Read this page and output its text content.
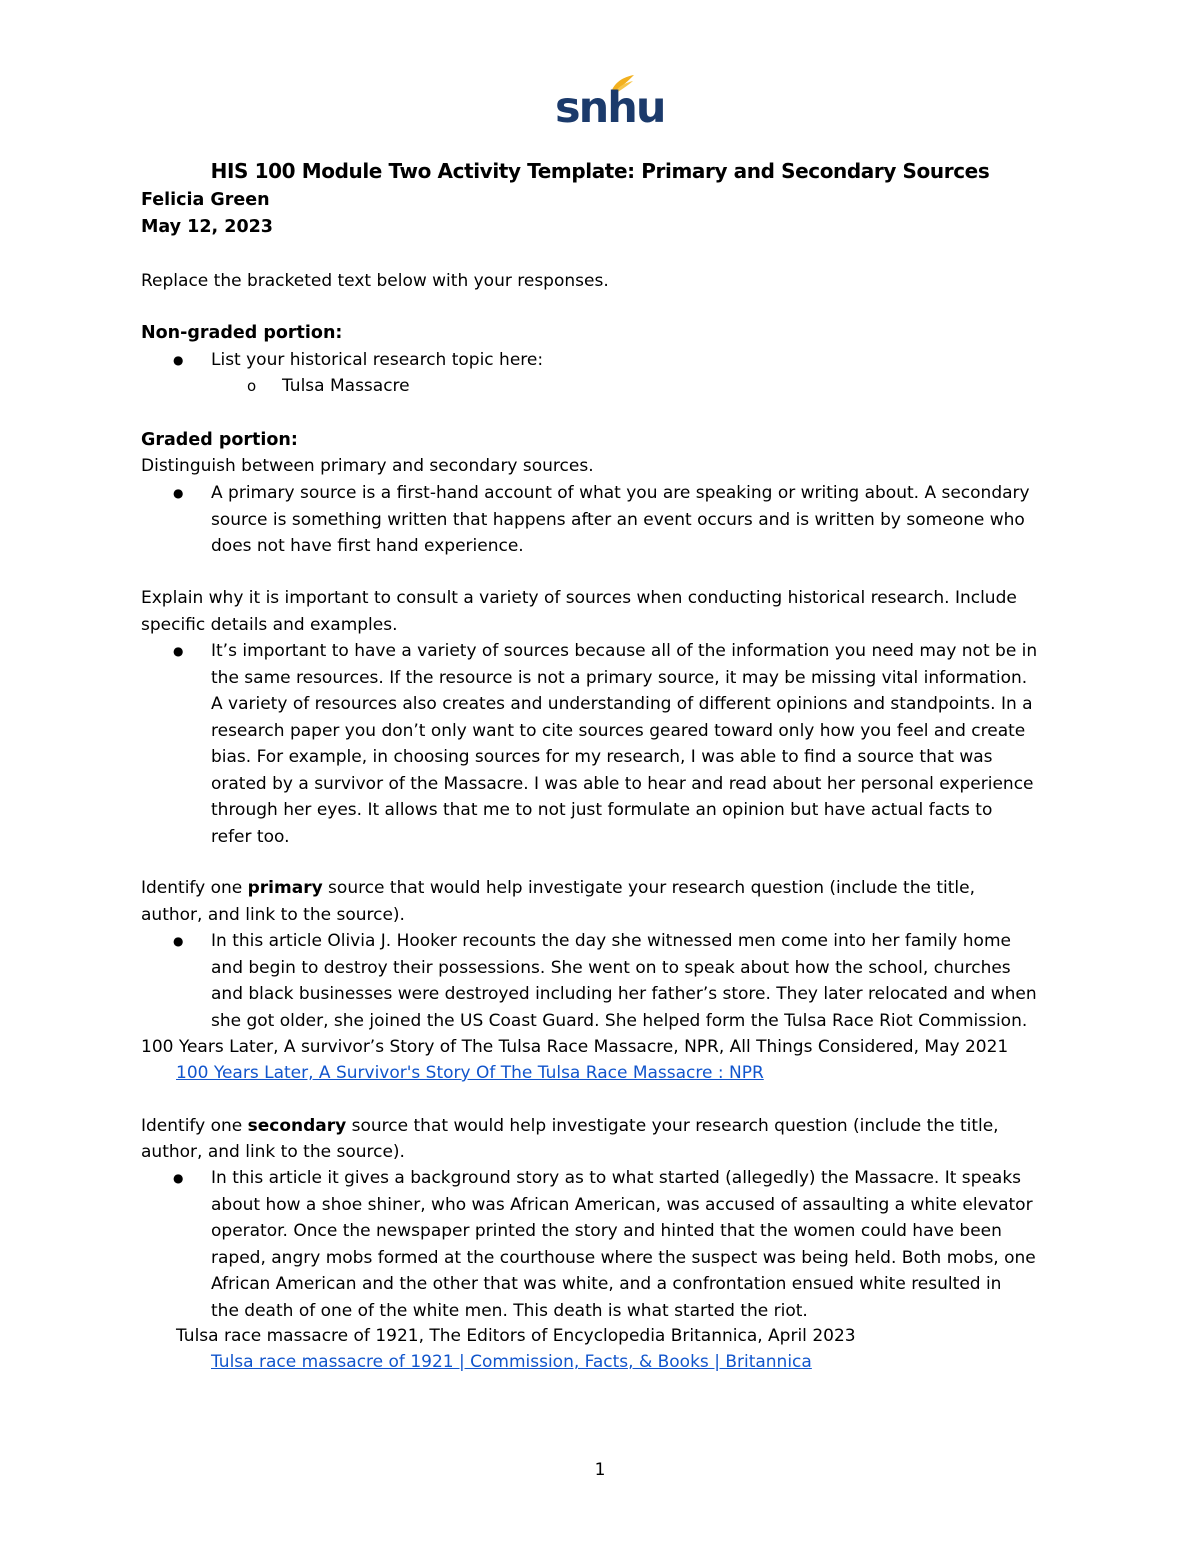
snhu
HIS 100 Module Two Activity Template: Primary and Secondary Sources
Felicia Green
May 12, 2023
Replace the bracketed text below with your responses.
Non-graded portion:
● List your historical research topic here:
o Tulsa Massacre
Graded portion:
Distinguish between primary and secondary sources.
● A primary source is a first-hand account of what you are speaking or writing about. A secondary

source is something written that happens after an event occurs and is written by someone who

does not have first hand experience.

Explain why it is important to consult a variety of sources when conducting historical research. Include

specific details and examples.

● It’s important to have a variety of sources because all of the information you need may not be in

the same resources. If the resource is not a primary source, it may be missing vital information.

A variety of resources also creates and understanding of different opinions and standpoints. In a

research paper you don’t only want to cite sources geared toward only how you feel and create

bias. For example, in choosing sources for my research, I was able to find a source that was

orated by a survivor of the Massacre. I was able to hear and read about her personal experience

through her eyes. It allows that me to not just formulate an opinion but have actual facts to

refer too.

Identify one primary source that would help investigate your research question (include the title,
author, and link to the source).
● In this article Olivia J. Hooker recounts the day she witnessed men come into her family home

and begin to destroy their possessions. She went on to speak about how the school, churches

and black businesses were destroyed including her father’s store. They later relocated and when

she got older, she joined the US Coast Guard. She helped form the Tulsa Race Riot Commission.

100 Years Later, A survivor’s Story of The Tulsa Race Massacre, NPR, All Things Considered, May 2021
100 Years Later, A Survivor's Story Of The Tulsa Race Massacre : NPR
Identify one secondary source that would help investigate your research question (include the title,
author, and link to the source).
● In this article it gives a background story as to what started (allegedly) the Massacre. It speaks

about how a shoe shiner, who was African American, was accused of assaulting a white elevator

operator. Once the newspaper printed the story and hinted that the women could have been

raped, angry mobs formed at the courthouse where the suspect was being held. Both mobs, one

African American and the other that was white, and a confrontation ensued white resulted in

the death of one of the white men. This death is what started the riot.

Tulsa race massacre of 1921, The Editors of Encyclopedia Britannica, April 2023
Tulsa race massacre of 1921 | Commission, Facts, & Books | Britannica
1
